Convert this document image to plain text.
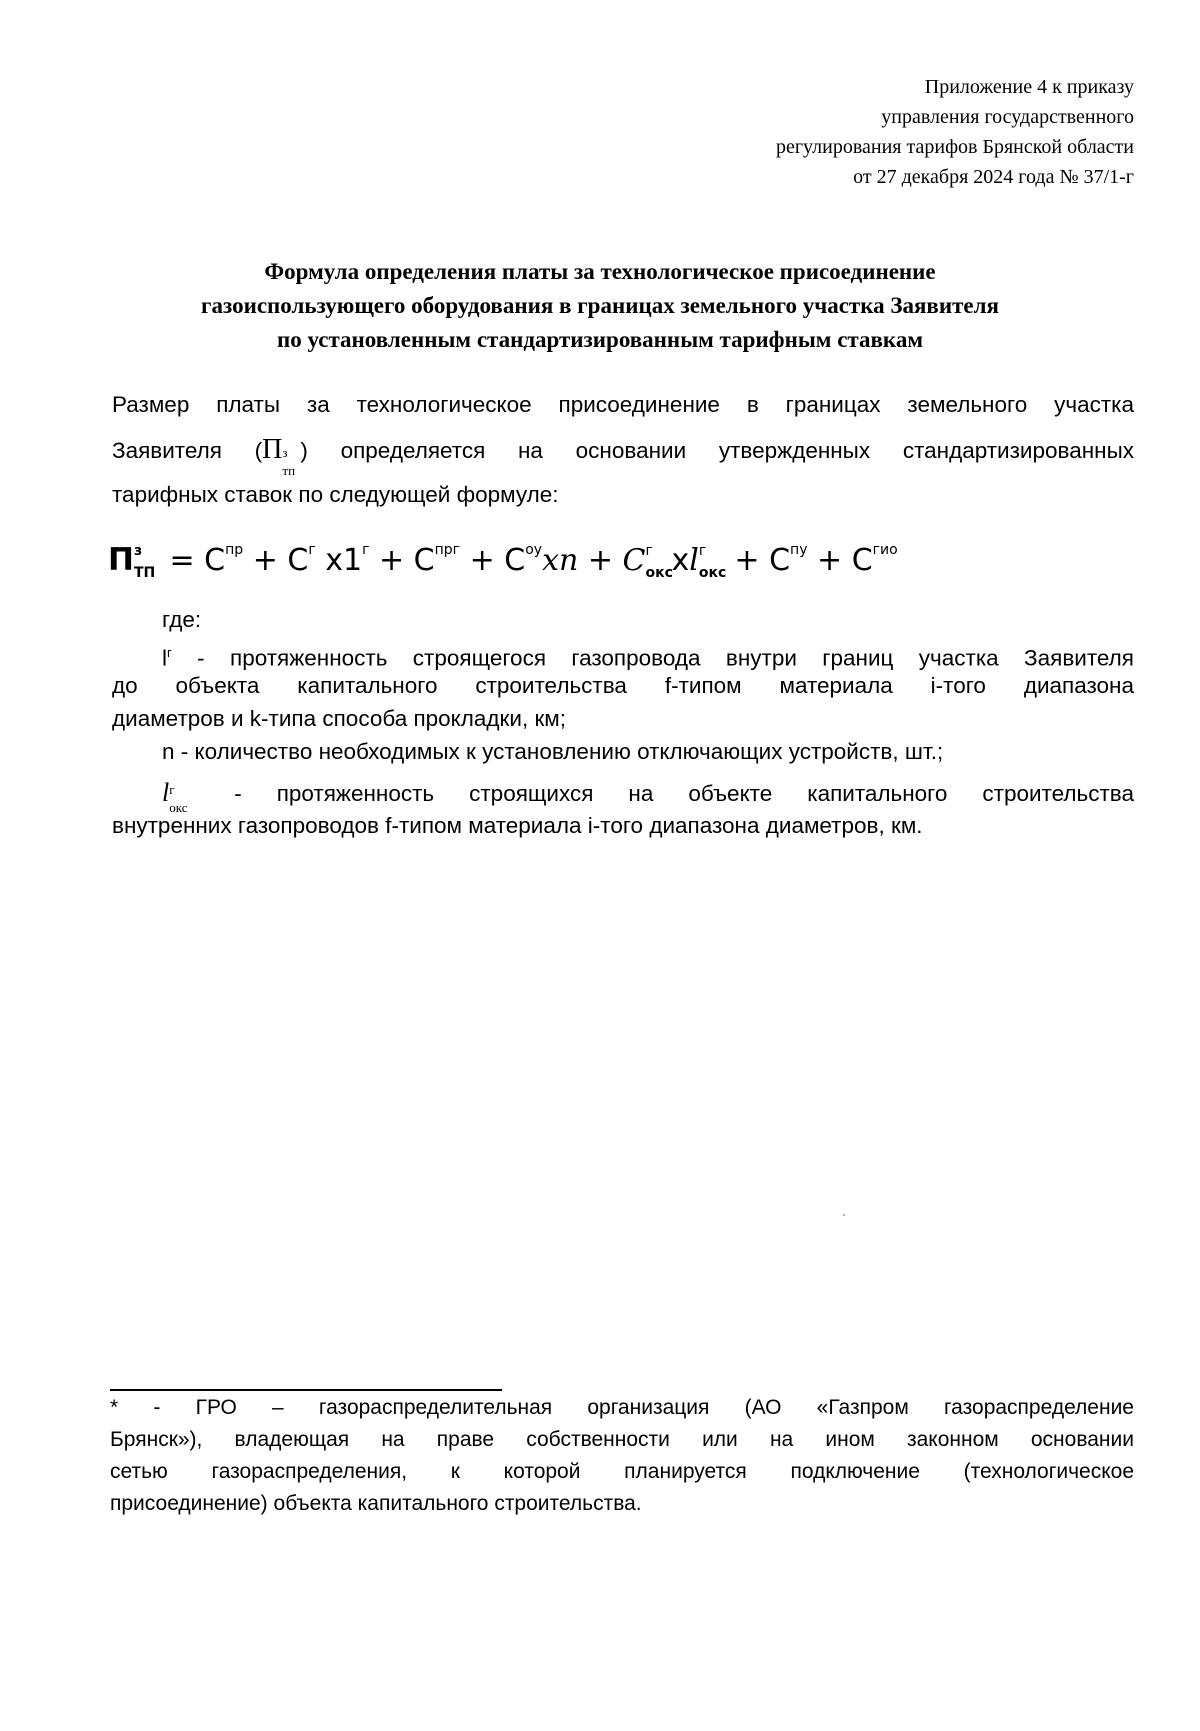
Приложение 4 к приказу
управления государственного
регулирования тарифов Брянской области
от 27 декабря 2024 года № 37/1-г
Формула определения платы за технологическое присоединение
газоиспользующего оборудования в границах земельного участка Заявителя
по установленным стандартизированным тарифным ставкам
Размер платы за технологическое присоединение в границах земельного участка
Заявителя (П з
тп
) определяется на основании утвержденных стандартизированных
тарифных ставок по следующей формуле:
П з
ТП = $С^{пр} + С^г$ $x1^г + С^{прг} + С^{оу}xn + С$ г
окс
xl г
окс
+ $С^{пу} + С^{гио}$
где:
$l^г$ - протяженность строящегося газопровода внутри границ участка Заявителя
до объекта капитального строительства f-типом материала i-того диапазона
диаметров и k-типа способа прокладки, км;
n - количество необходимых к установлению отключающих устройств, шт.;
l г
окс
- протяженность строящихся на объекте капитального строительства
внутренних газопроводов f-типом материала i-того диапазона диаметров, км.
* - ГРО – газораспределительная организация (АО «Газпром газораспределение
Брянск»), владеющая на праве собственности или на ином законном основании
сетью газораспределения, к которой планируется подключение (технологическое
присоединение) объекта капитального строительства.
